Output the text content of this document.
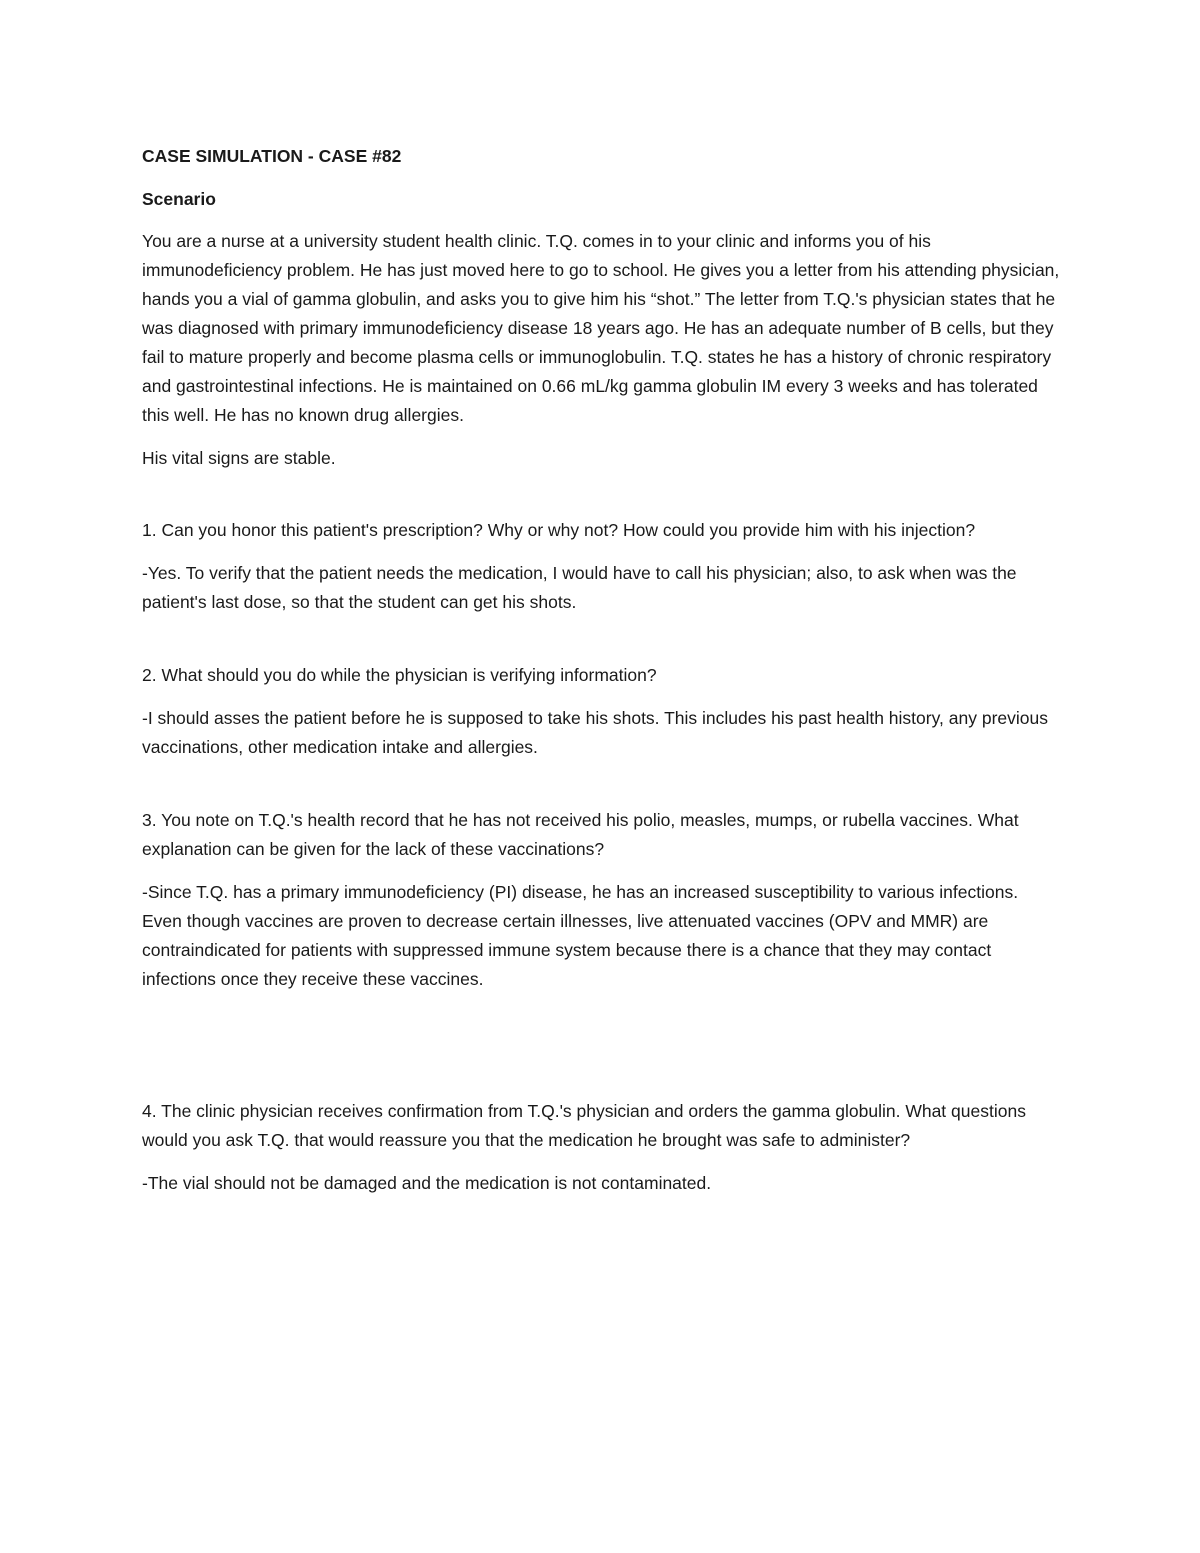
CASE SIMULATION - CASE #82

Scenario

You are a nurse at a university student health clinic. T.Q. comes in to your clinic and informs you of his immunodeficiency problem. He has just moved here to go to school. He gives you a letter from his attending physician, hands you a vial of gamma globulin, and asks you to give him his “shot.” The letter from T.Q.'s physician states that he was diagnosed with primary immunodeficiency disease 18 years ago. He has an adequate number of B cells, but they fail to mature properly and become plasma cells or immunoglobulin. T.Q. states he has a history of chronic respiratory and gastrointestinal infections. He is maintained on 0.66 mL/kg gamma globulin IM every 3 weeks and has tolerated this well. He has no known drug allergies.

His vital signs are stable.

1. Can you honor this patient's prescription? Why or why not? How could you provide him with his injection?

-Yes. To verify that the patient needs the medication, I would have to call his physician; also, to ask when was the patient's last dose, so that the student can get his shots.

2. What should you do while the physician is verifying information?

-I should asses the patient before he is supposed to take his shots. This includes his past health history, any previous vaccinations, other medication intake and allergies.

3. You note on T.Q.'s health record that he has not received his polio, measles, mumps, or rubella vaccines. What explanation can be given for the lack of these vaccinations?

-Since T.Q. has a primary immunodeficiency (PI) disease, he has an increased susceptibility to various infections. Even though vaccines are proven to decrease certain illnesses, live attenuated vaccines (OPV and MMR) are contraindicated for patients with suppressed immune system because there is a chance that they may contact infections once they receive these vaccines.

4. The clinic physician receives confirmation from T.Q.'s physician and orders the gamma globulin. What questions would you ask T.Q. that would reassure you that the medication he brought was safe to administer?

-The vial should not be damaged and the medication is not contaminated.
